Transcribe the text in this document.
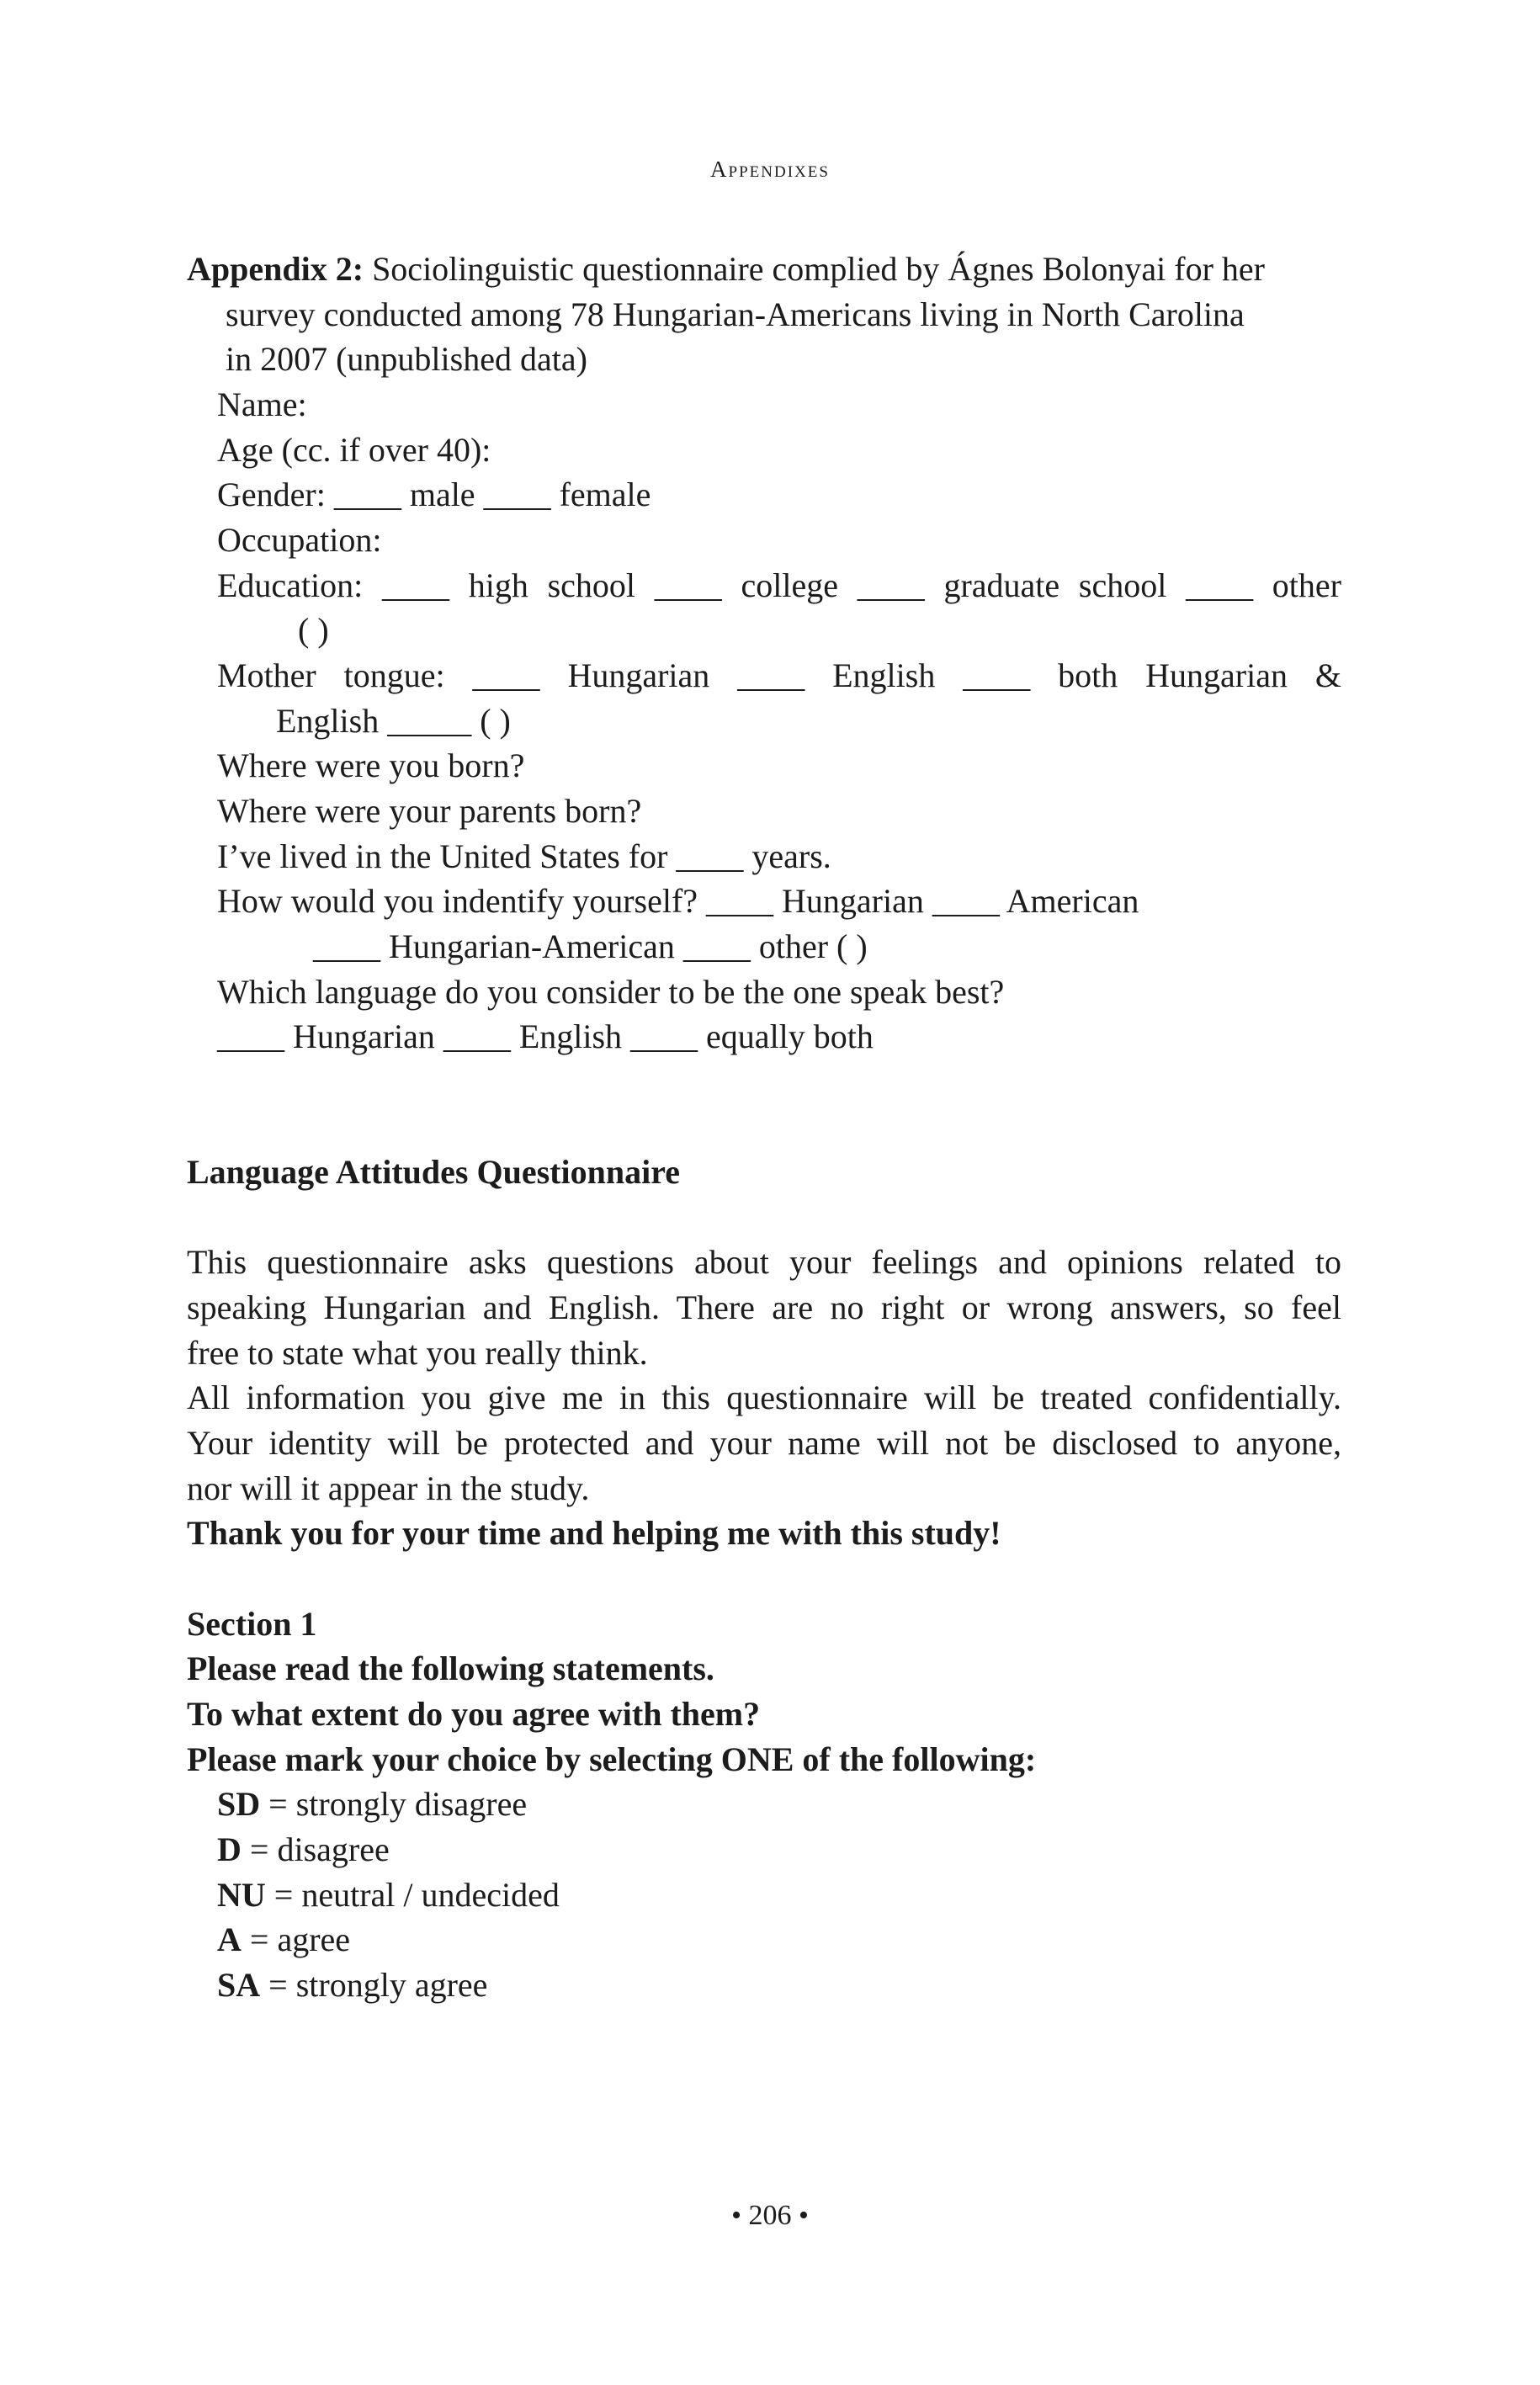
Appendixes
Appendix 2: Sociolinguistic questionnaire complied by Ágnes Bolonyai for her
survey conducted among 78 Hungarian-Americans living in North Carolina
in 2007 (unpublished data)
Name:
Age (cc. if over 40):
Gender: ____ male ____ female
Occupation:
Education: ____ high school ____ college ____ graduate school ____ other
( )
Mother tongue: ____ Hungarian ____ English ____ both Hungarian &
English _____ ( )
Where were you born?
Where were your parents born?
I’ve lived in the United States for ____ years.
How would you indentify yourself? ____ Hungarian ____ American
____ Hungarian-American ____ other ( )
Which language do you consider to be the one speak best?
____ Hungarian ____ English ____ equally both
Language Attitudes Questionnaire
This questionnaire asks questions about your feelings and opinions related to
speaking Hungarian and English. There are no right or wrong answers, so feel
free to state what you really think.
All information you give me in this questionnaire will be treated confidentially.
Your identity will be protected and your name will not be disclosed to anyone,
nor will it appear in the study.
Thank you for your time and helping me with this study!
Section 1
Please read the following statements.
To what extent do you agree with them?
Please mark your choice by selecting ONE of the following:
SD = strongly disagree
D = disagree
NU = neutral / undecided
A = agree
SA = strongly agree
• 206 •
